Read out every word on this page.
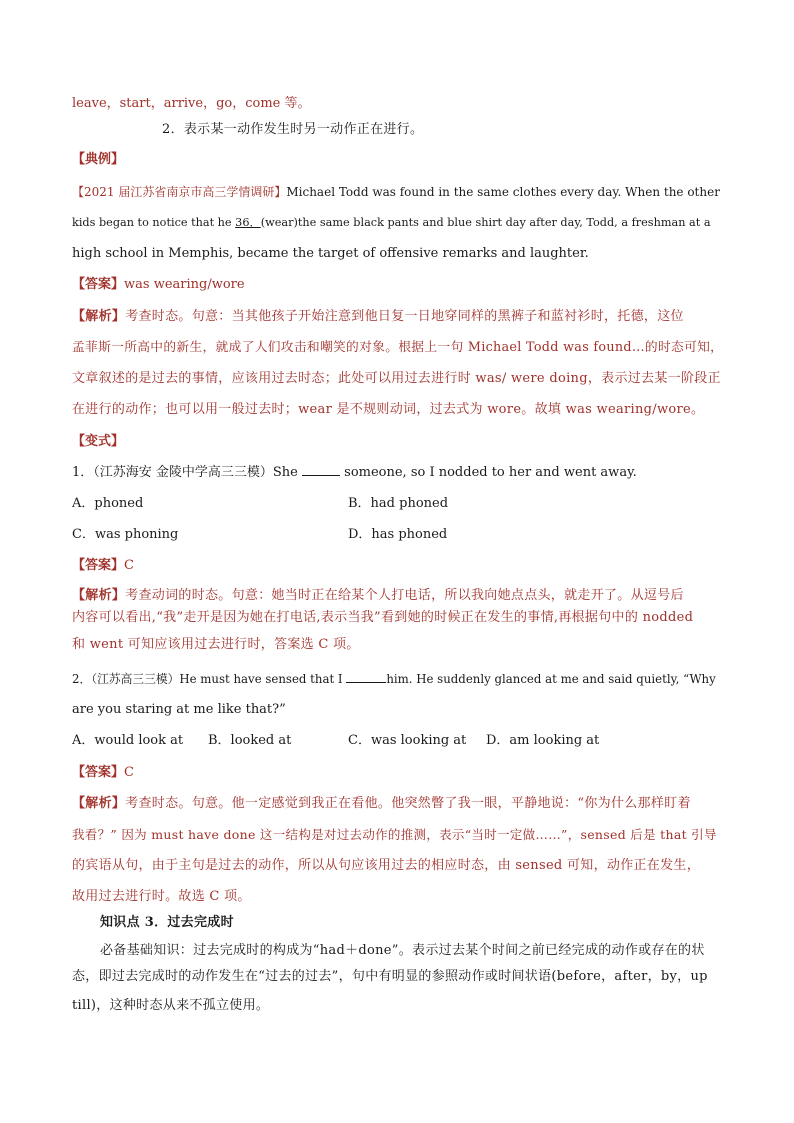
leave，start，arrive，go，come 等。
2．表示某一动作发生时另一动作正在进行。
【典例】
【2021 届江苏省南京市高三学情调研】Michael Todd was found in the same clothes every day. When the other
kids began to notice that he 36．(wear)the same black pants and blue shirt day after day, Todd, a freshman at a
high school in Memphis, became the target of offensive remarks and laughter.
【答案】was wearing/wore
【解析】考查时态。句意：当其他孩子开始注意到他日复一日地穿同样的黑裤子和蓝衬衫时，托德，这位
孟菲斯一所高中的新生，就成了人们攻击和嘲笑的对象。根据上一句 Michael Todd was found…的时态可知，
文章叙述的是过去的事情，应该用过去时态；此处可以用过去进行时 was/ were doing，表示过去某一阶段正
在进行的动作；也可以用一般过去时；wear 是不规则动词，过去式为 wore。故填 was wearing/wore。
【变式】
1．（江苏海安 金陵中学高三三模）She	someone, so I nodded to her and went away.
A．phoned	B．had phoned
C．was phoning	D．has phoned
【答案】C
【解析】考查动词的时态。句意：她当时正在给某个人打电话，所以我向她点点头，就走开了。从逗号后
内容可以看出,“我”走开是因为她在打电话,表示当我”看到她的时候正在发生的事情,再根据句中的 nodded
和 went 可知应该用过去进行时，答案选 C 项。
2．（江苏高三三模）He must have sensed that I	him. He suddenly glanced at me and said quietly, “Why
are you staring at me like that?”
A．would look at B．looked at	C．was looking at D．am looking at
【答案】C
【解析】考查时态。句意。他一定感觉到我正在看他。他突然瞥了我一眼，平静地说：“你为什么那样盯着
我看？” 因为 must have done 这一结构是对过去动作的推测，表示“当时一定做……”，sensed 后是 that 引导
的宾语从句，由于主句是过去的动作，所以从句应该用过去的相应时态，由 sensed 可知，动作正在发生，
故用过去进行时。故选 C 项。
知识点 3．过去完成时
必备基础知识：过去完成时的构成为“had＋done”。表示过去某个时间之前已经完成的动作或存在的状
态，即过去完成时的动作发生在“过去的过去”，句中有明显的参照动作或时间状语(before，after，by，up
till)，这种时态从来不孤立使用。
